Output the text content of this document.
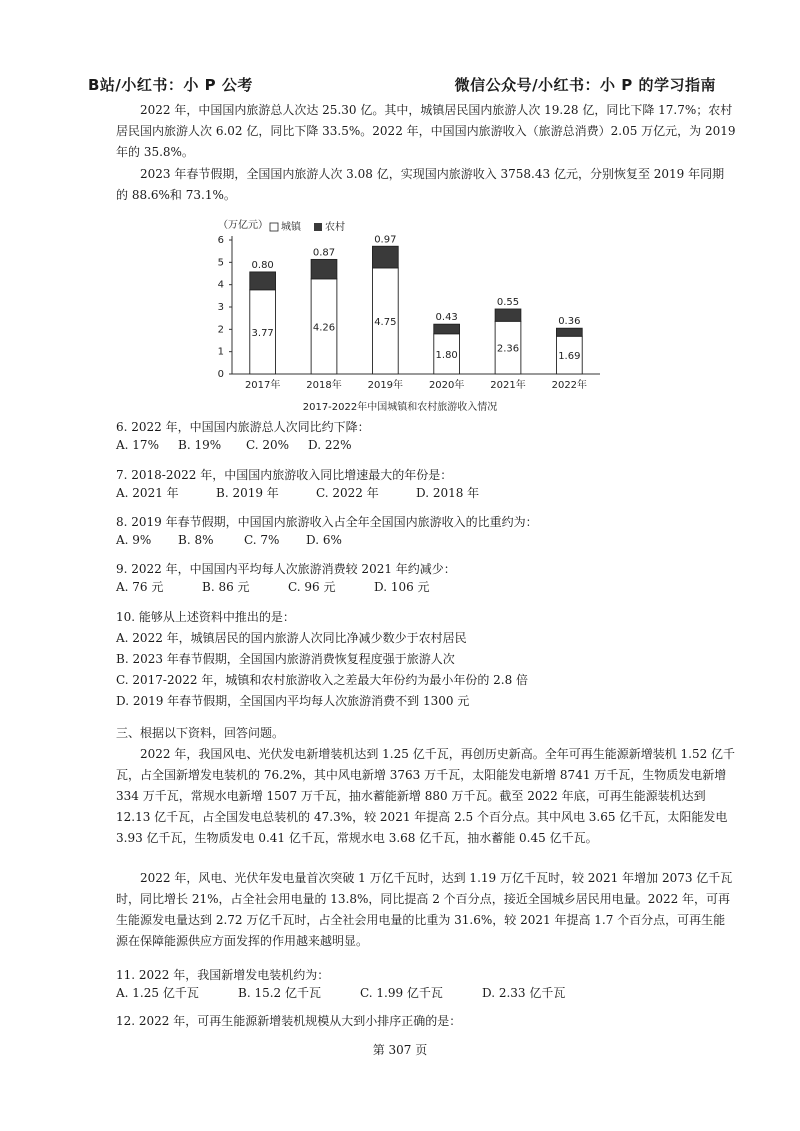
B站/小红书：小 P 公考	微信公众号/小红书：小 P 的学习指南

2022 年，中国国内旅游总人次达 25.30 亿。其中，城镇居民国内旅游人次 19.28 亿，同比下降 17.7%；农村居民国内旅游人次 6.02 亿，同比下降 33.5%。2022 年，中国国内旅游收入（旅游总消费）2.05 万亿元，为 2019 年的 35.8%。

2023 年春节假期，全国国内旅游人次 3.08 亿，实现国内旅游收入 3758.43 亿元，分别恢复至 2019 年同期的 88.6%和 73.1%。

0
1
2
3
4
5
6
3.77
0.80
2017年
4.26
0.87
2018年
4.75
0.97
2019年
1.80
0.43
2020年
2.36
0.55
2021年
1.69
0.36
2022年
（万亿元） 城镇 农村
2017-2022年中国城镇和农村旅游收入情况
6. 2022 年，中国国内旅游总人次同比约下降：
A. 17%	B. 19%	C. 20%	D. 22%
7. 2018-2022 年，中国国内旅游收入同比增速最大的年份是：
A. 2021 年	B. 2019 年	C. 2022 年	D. 2018 年
8. 2019 年春节假期，中国国内旅游收入占全年全国国内旅游收入的比重约为：
A. 9%	B. 8%	C. 7%	D. 6%
9. 2022 年，中国国内平均每人次旅游消费较 2021 年约减少：
A. 76 元	B. 86 元	C. 96 元	D. 106 元
10. 能够从上述资料中推出的是：
A. 2022 年，城镇居民的国内旅游人次同比净减少数少于农村居民
B. 2023 年春节假期，全国国内旅游消费恢复程度强于旅游人次
C. 2017-2022 年，城镇和农村旅游收入之差最大年份约为最小年份的 2.8 倍
D. 2019 年春节假期，全国国内平均每人次旅游消费不到 1300 元
三、根据以下资料，回答问题。

2022 年，我国风电、光伏发电新增装机达到 1.25 亿千瓦，再创历史新高。全年可再生能源新增装机 1.52 亿千瓦，占全国新增发电装机的 76.2%，其中风电新增 3763 万千瓦，太阳能发电新增 8741 万千瓦，生物质发电新增 334 万千瓦，常规水电新增 1507 万千瓦，抽水蓄能新增 880 万千瓦。截至 2022 年底，可再生能源装机达到 12.13 亿千瓦，占全国发电总装机的 47.3%，较 2021 年提高 2.5 个百分点。其中风电 3.65 亿千瓦，太阳能发电 3.93 亿千瓦，生物质发电 0.41 亿千瓦，常规水电 3.68 亿千瓦，抽水蓄能 0.45 亿千瓦。

2022 年，风电、光伏年发电量首次突破 1 万亿千瓦时，达到 1.19 万亿千瓦时，较 2021 年增加 2073 亿千瓦时，同比增长 21%，占全社会用电量的 13.8%，同比提高 2 个百分点，接近全国城乡居民用电量。2022 年，可再生能源发电量达到 2.72 万亿千瓦时，占全社会用电量的比重为 31.6%，较 2021 年提高 1.7 个百分点，可再生能源在保障能源供应方面发挥的作用越来越明显。

11. 2022 年，我国新增发电装机约为：
A. 1.25 亿千瓦	B. 15.2 亿千瓦	C. 1.99 亿千瓦	D. 2.33 亿千瓦
12. 2022 年，可再生能源新增装机规模从大到小排序正确的是：
第 307 页
